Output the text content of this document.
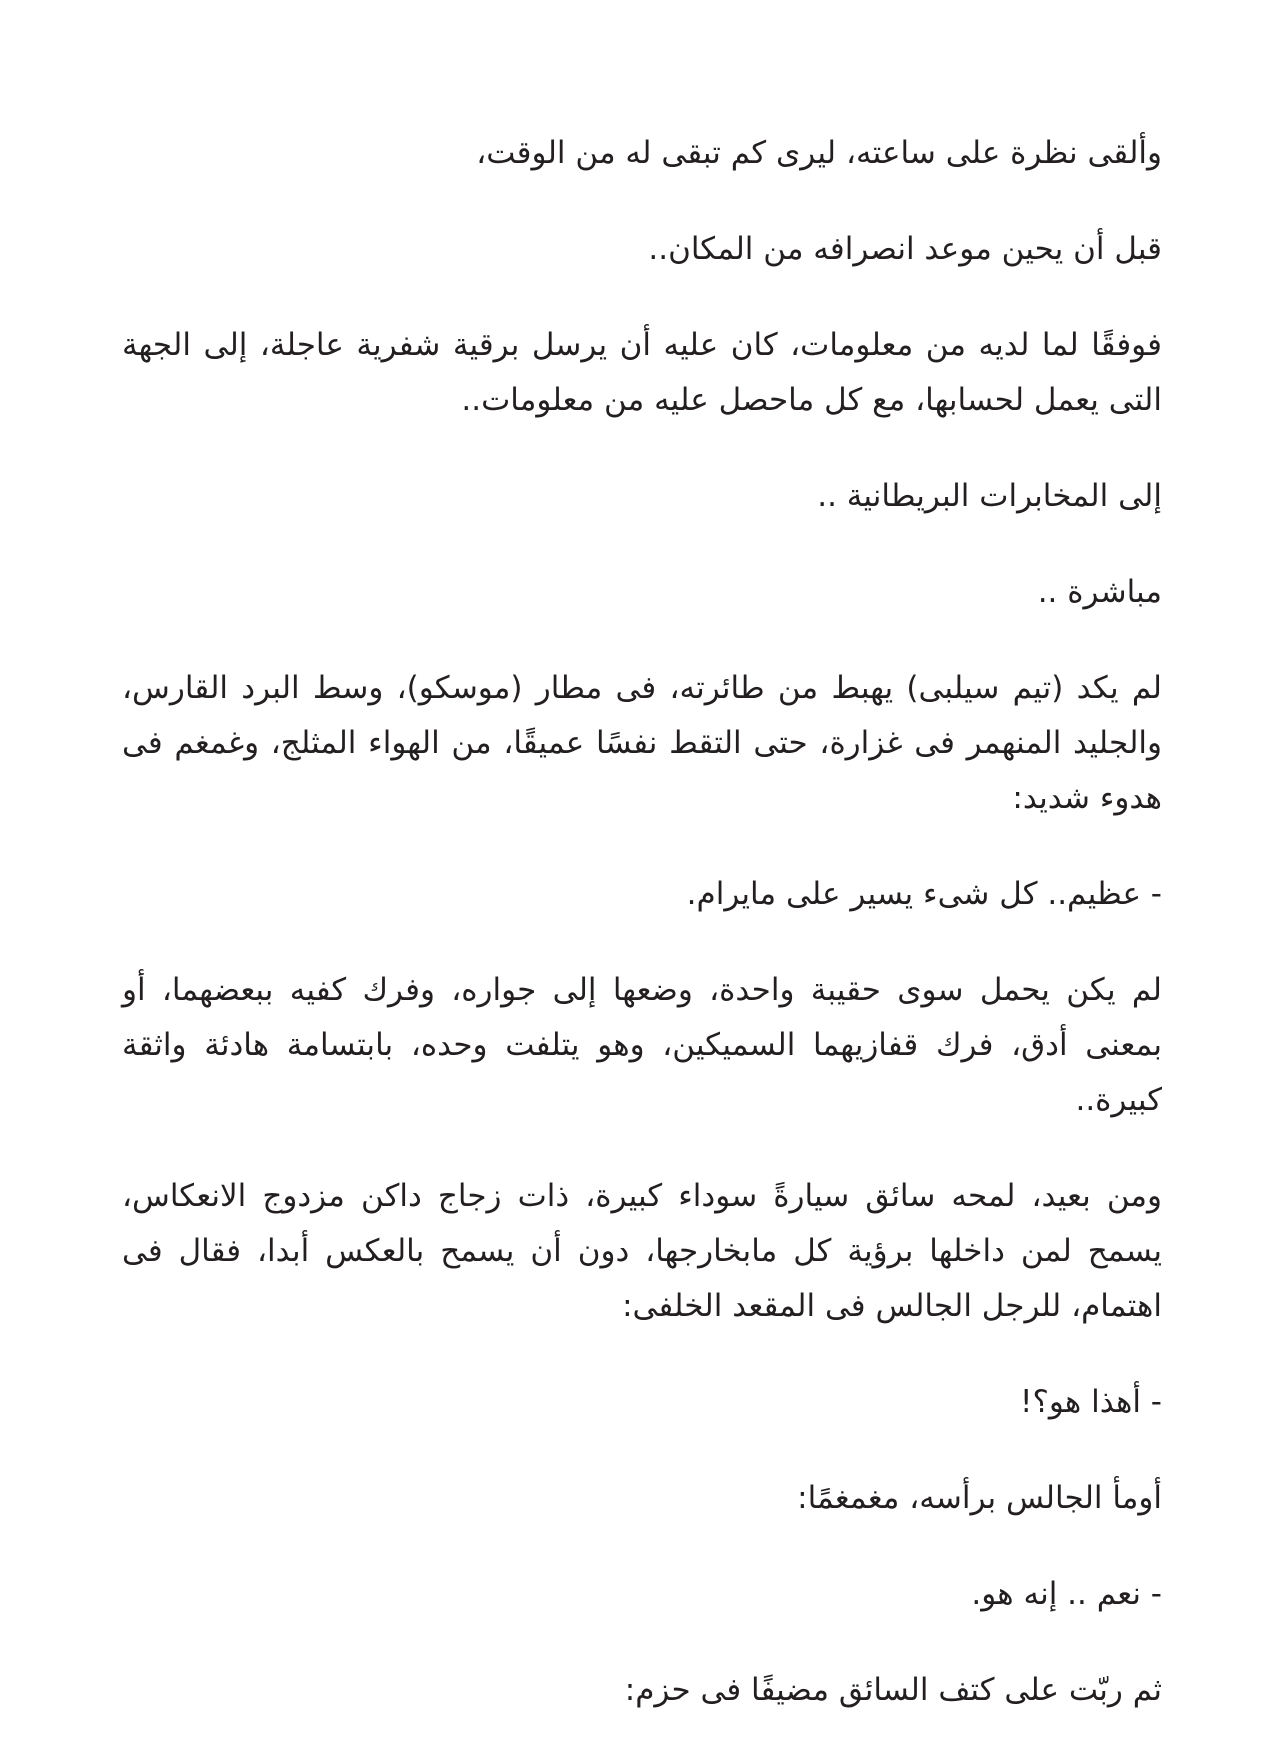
وألقى نظرة على ساعته، ليرى كم تبقى له من الوقت،

قبل أن يحين موعد انصرافه من المكان..

فوفقًا لما لديه من معلومات، كان عليه أن يرسل برقية شفرية عاجلة، إلى الجهة التى يعمل لحسابها، مع كل ماحصل عليه من معلومات..

إلى المخابرات البريطانية ..

مباشرة ..

لم يكد (تيم سيلبى) يهبط من طائرته، فى مطار (موسكو)، وسط البرد القارس، والجليد المنهمر فى غزارة، حتى التقط نفسًا عميقًا، من الهواء المثلج، وغمغم فى هدوء شديد:

- عظيم.. كل شىء يسير على مايرام.

لم يكن يحمل سوى حقيبة واحدة، وضعها إلى جواره، وفرك كفيه ببعضهما، أو بمعنى أدق، فرك قفازيهما السميكين، وهو يتلفت وحده، بابتسامة هادئة واثقة كبيرة..

ومن بعيد، لمحه سائق سيارةً سوداء كبيرة، ذات زجاج داكن مزدوج الانعكاس، يسمح لمن داخلها برؤية كل مابخارجها، دون أن يسمح بالعكس أبدا، فقال فى اهتمام، للرجل الجالس فى المقعد الخلفى:

- أهذا هو؟!

أومأ الجالس برأسه، مغمغمًا:

- نعم .. إنه هو.

ثم ربّت على كتف السائق مضيفًا فى حزم:
